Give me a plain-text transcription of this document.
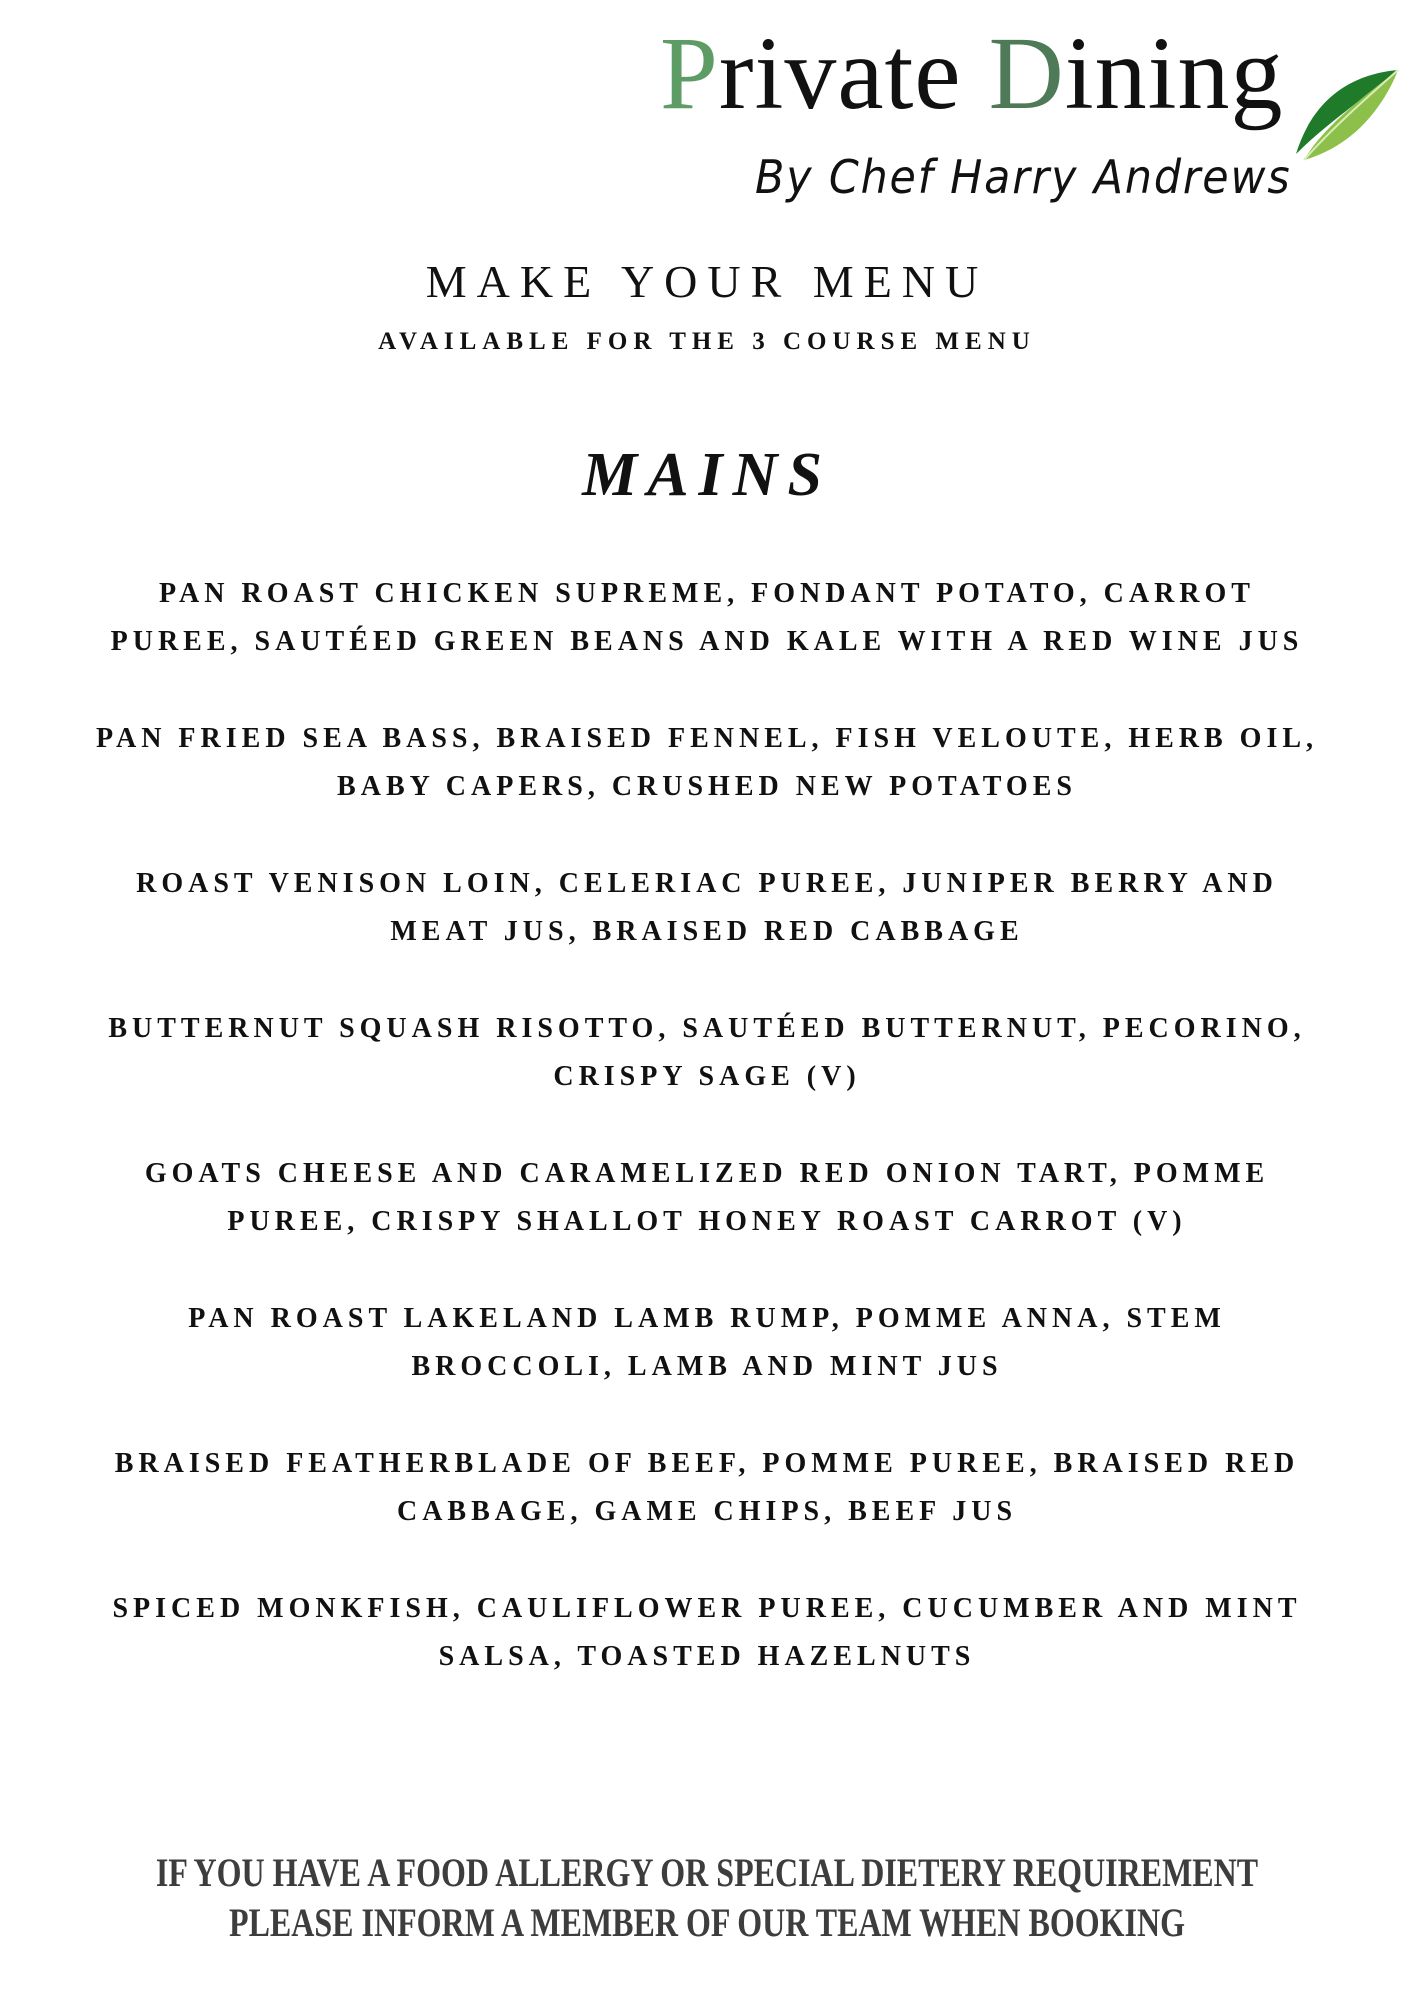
Private Dining
By Chef Harry Andrews
MAKE YOUR MENU
AVAILABLE FOR THE 3 COURSE MENU
MAINS
PAN ROAST CHICKEN SUPREME, FONDANT POTATO, CARROT
PUREE, SAUTÉED GREEN BEANS AND KALE WITH A RED WINE JUS
PAN FRIED SEA BASS, BRAISED FENNEL, FISH VELOUTE, HERB OIL,
BABY CAPERS, CRUSHED NEW POTATOES
ROAST VENISON LOIN, CELERIAC PUREE, JUNIPER BERRY AND
MEAT JUS, BRAISED RED CABBAGE
BUTTERNUT SQUASH RISOTTO, SAUTÉED BUTTERNUT, PECORINO,
CRISPY SAGE (V)
GOATS CHEESE AND CARAMELIZED RED ONION TART, POMME
PUREE, CRISPY SHALLOT HONEY ROAST CARROT (V)
PAN ROAST LAKELAND LAMB RUMP, POMME ANNA, STEM
BROCCOLI, LAMB AND MINT JUS
BRAISED FEATHERBLADE OF BEEF, POMME PUREE, BRAISED RED
CABBAGE, GAME CHIPS, BEEF JUS
SPICED MONKFISH, CAULIFLOWER PUREE, CUCUMBER AND MINT
SALSA, TOASTED HAZELNUTS
IF YOU HAVE A FOOD ALLERGY OR SPECIAL DIETERY REQUIREMENT
PLEASE INFORM A MEMBER OF OUR TEAM WHEN BOOKING
